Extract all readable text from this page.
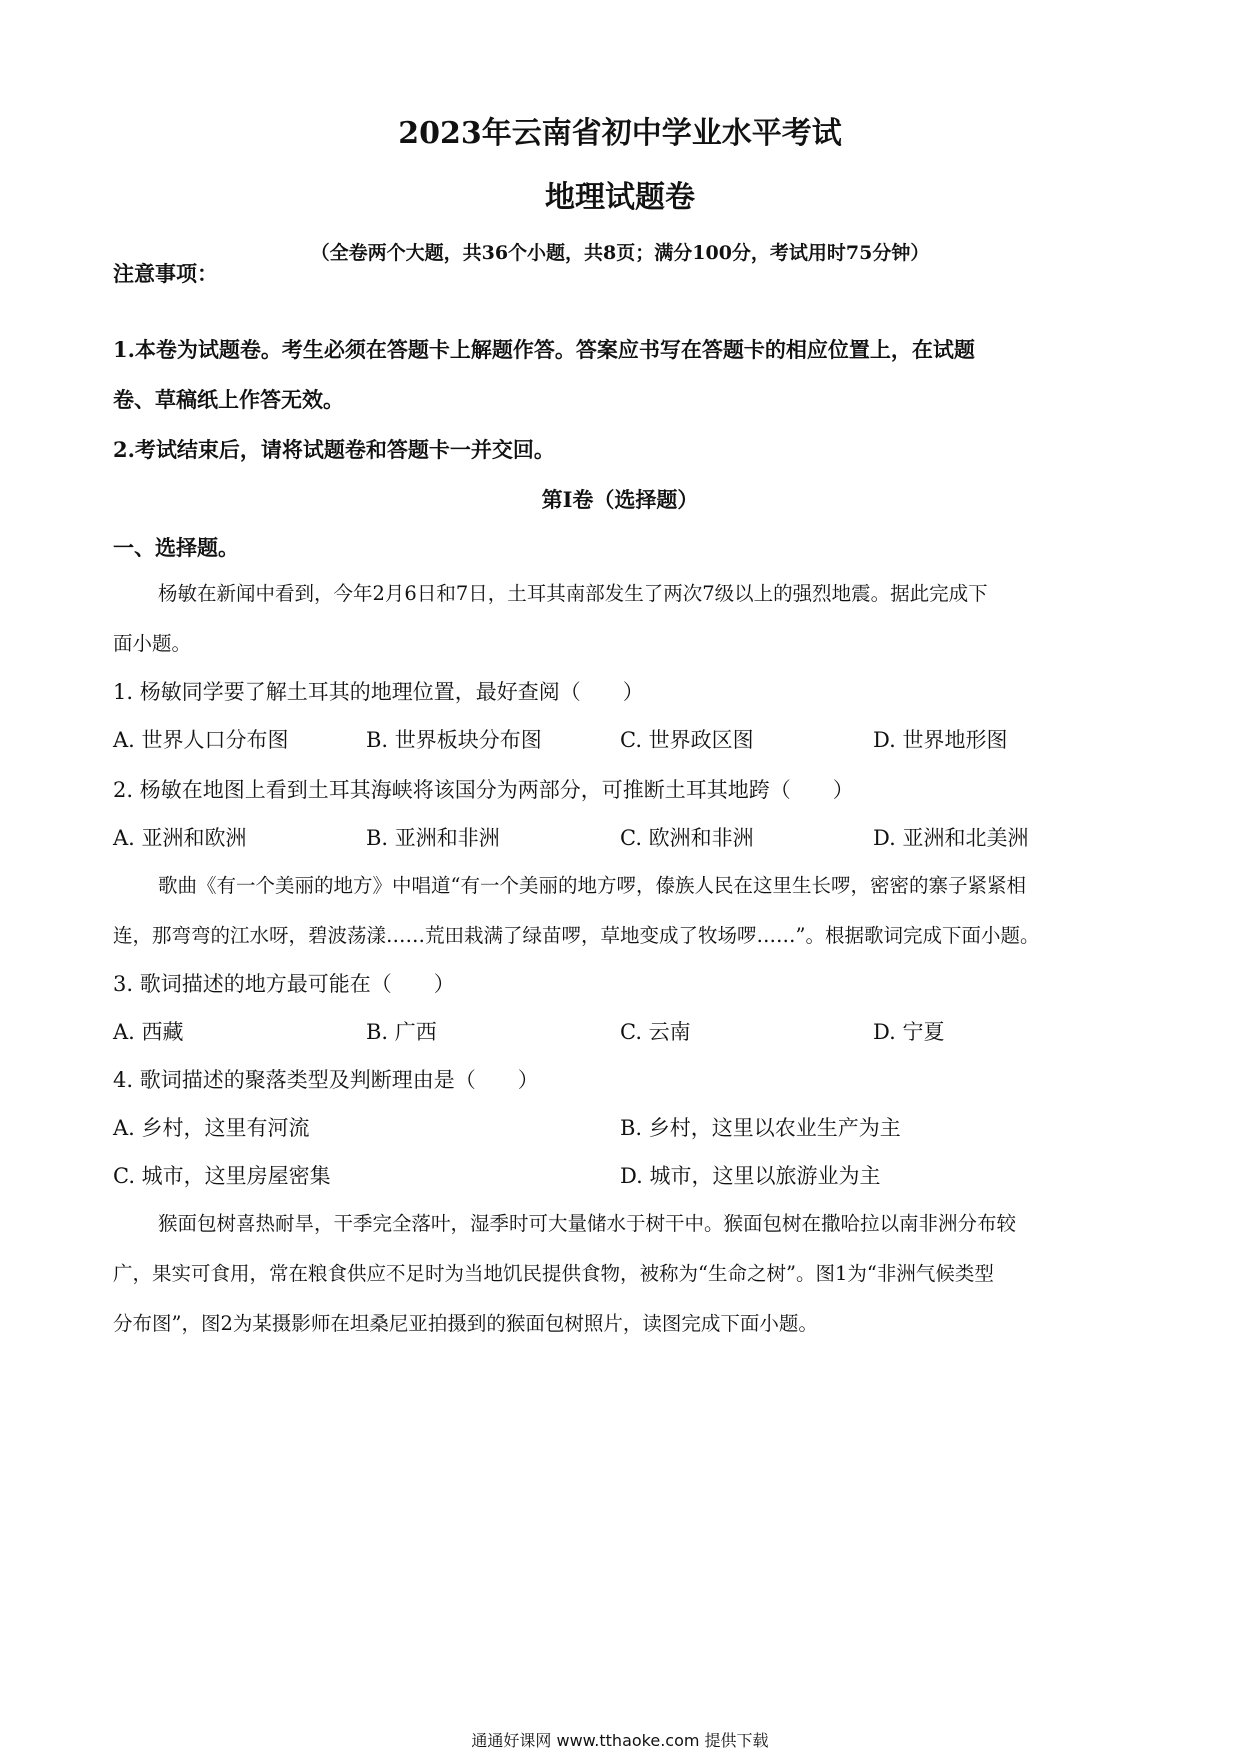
2023年云南省初中学业水平考试
地理试题卷

（全卷两个大题，共36个小题，共8页；满分100分，考试用时75分钟）

注意事项：

1.本卷为试题卷。考生必须在答题卡上解题作答。答案应书写在答题卡的相应位置上，在试题

卷、草稿纸上作答无效。

2.考试结束后，请将试题卷和答题卡一并交回。

第I卷（选择题）

一、选择题。

杨敏在新闻中看到，今年2月6日和7日，土耳其南部发生了两次7级以上的强烈地震。据此完成下

面小题。

1. 杨敏同学要了解土耳其的地理位置，最好查阅（　　）

A. 世界人口分布图	B. 世界板块分布图	C. 世界政区图	D. 世界地形图

2. 杨敏在地图上看到土耳其海峡将该国分为两部分，可推断土耳其地跨（　　）

A. 亚洲和欧洲	B. 亚洲和非洲	C. 欧洲和非洲	D. 亚洲和北美洲

歌曲《有一个美丽的地方》中唱道“有一个美丽的地方啰，傣族人民在这里生长啰，密密的寨子紧紧相

连，那弯弯的江水呀，碧波荡漾……荒田栽满了绿苗啰，草地变成了牧场啰……”。根据歌词完成下面小题。

3. 歌词描述的地方最可能在（　　）

A. 西藏	B. 广西	C. 云南	D. 宁夏

4. 歌词描述的聚落类型及判断理由是（　　）

A. 乡村，这里有河流	B. 乡村，这里以农业生产为主
C. 城市，这里房屋密集	D. 城市，这里以旅游业为主

猴面包树喜热耐旱，干季完全落叶，湿季时可大量储水于树干中。猴面包树在撒哈拉以南非洲分布较

广，果实可食用，常在粮食供应不足时为当地饥民提供食物，被称为“生命之树”。图1为“非洲气候类型

分布图”，图2为某摄影师在坦桑尼亚拍摄到的猴面包树照片，读图完成下面小题。

通通好课网 www.tthaoke.com 提供下载
